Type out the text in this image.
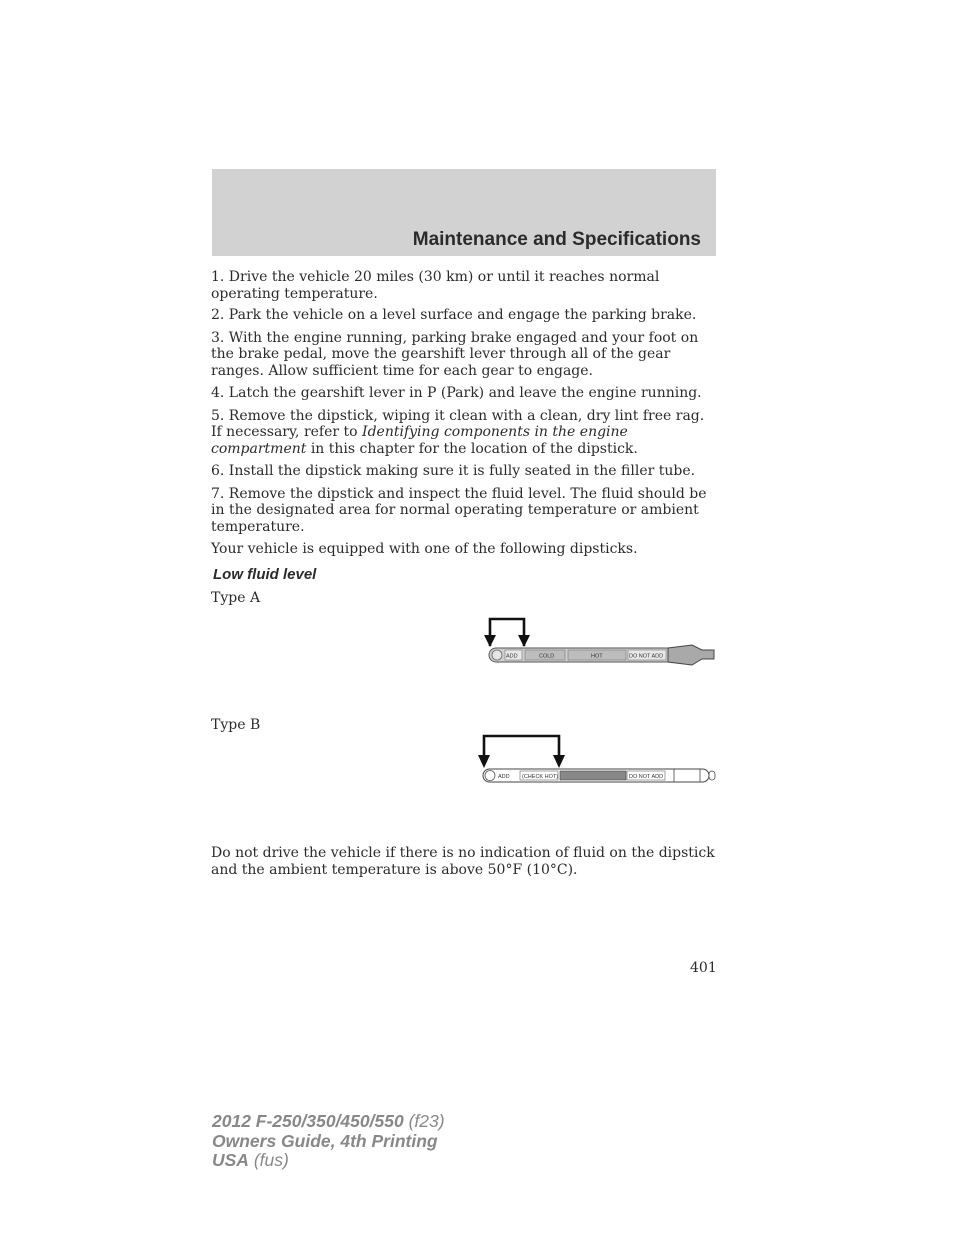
Maintenance and Specifications

1. Drive the vehicle 20 miles (30 km) or until it reaches normal operating temperature.

2. Park the vehicle on a level surface and engage the parking brake.

3. With the engine running, parking brake engaged and your foot on the brake pedal, move the gearshift lever through all of the gear ranges. Allow sufficient time for each gear to engage.

4. Latch the gearshift lever in P (Park) and leave the engine running.

5. Remove the dipstick, wiping it clean with a clean, dry lint free rag. If necessary, refer to Identifying components in the engine compartment in this chapter for the location of the dipstick.

6. Install the dipstick making sure it is fully seated in the filler tube.

7. Remove the dipstick and inspect the fluid level. The fluid should be in the designated area for normal operating temperature or ambient temperature.

Your vehicle is equipped with one of the following dipsticks.

Low fluid level
Type A
ADD	COLD	HOT	DO NOT ADD
Type B
ADD (CHECK HOT)	DO NOT ADD
Do not drive the vehicle if there is no indication of fluid on the dipstick and the ambient temperature is above 50°F (10°C).
401
2012 F-250/350/450/550 (f23)
Owners Guide, 4th Printing
USA (fus)
